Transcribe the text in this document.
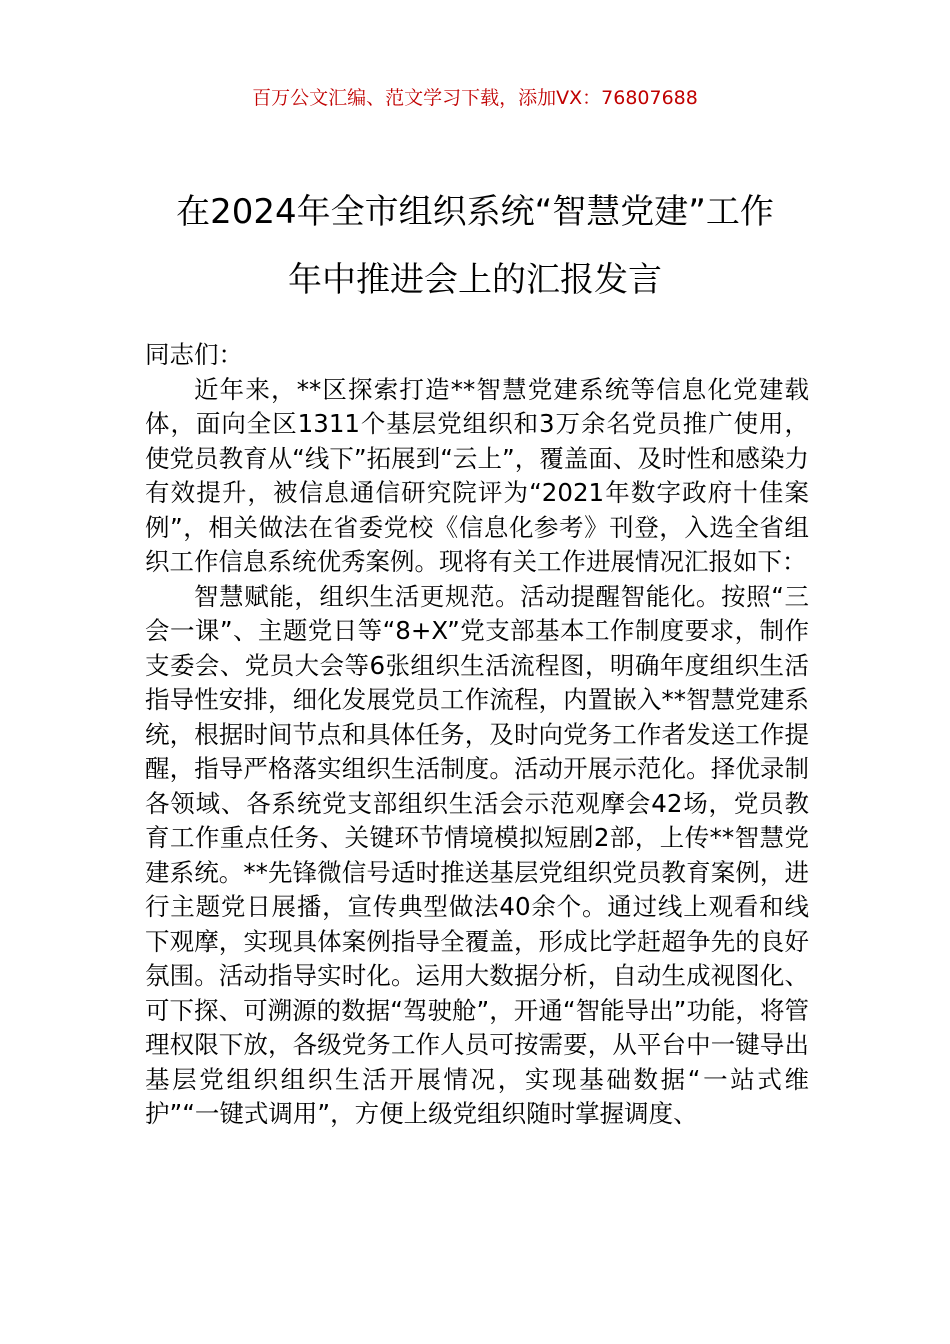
百万公文汇编、范文学习下载，添加VX：76807688
在2024年全市组织系统“智慧党建”工作
年中推进会上的汇报发言

同志们：

近年来，**区探索打造**智慧党建系统等信息化党建载体，面向全区1311个基层党组织和3万余名党员推广使用，使党员教育从“线下”拓展到“云上”，覆盖面、及时性和感染力有效提升，被信息通信研究院评为“2021年数字政府十佳案例”，相关做法在省委党校《信息化参考》刊登，入选全省组织工作信息系统优秀案例。现将有关工作进展情况汇报如下：

智慧赋能，组织生活更规范。活动提醒智能化。按照“三会一课”、主题党日等“8+X”党支部基本工作制度要求，制作支委会、党员大会等6张组织生活流程图，明确年度组织生活指导性安排，细化发展党员工作流程，内置嵌入**智慧党建系统，根据时间节点和具体任务，及时向党务工作者发送工作提醒，指导严格落实组织生活制度。活动开展示范化。择优录制各领域、各系统党支部组织生活会示范观摩会42场，党员教育工作重点任务、关键环节情境模拟短剧2部，上传**智慧党建系统。**先锋微信号适时推送基层党组织党员教育案例，进行主题党日展播，宣传典型做法40余个。通过线上观看和线下观摩，实现具体案例指导全覆盖，形成比学赶超争先的良好氛围。活动指导实时化。运用大数据分析，自动生成视图化、可下探、可溯源的数据“驾驶舱”，开通“智能导出”功能，将管理权限下放，各级党务工作人员可按需要，从平台中一键导出基层党组织组织生活开展情况，实现基础数据“一站式维护”“一键式调用”，方便上级党组织随时掌握调度、
